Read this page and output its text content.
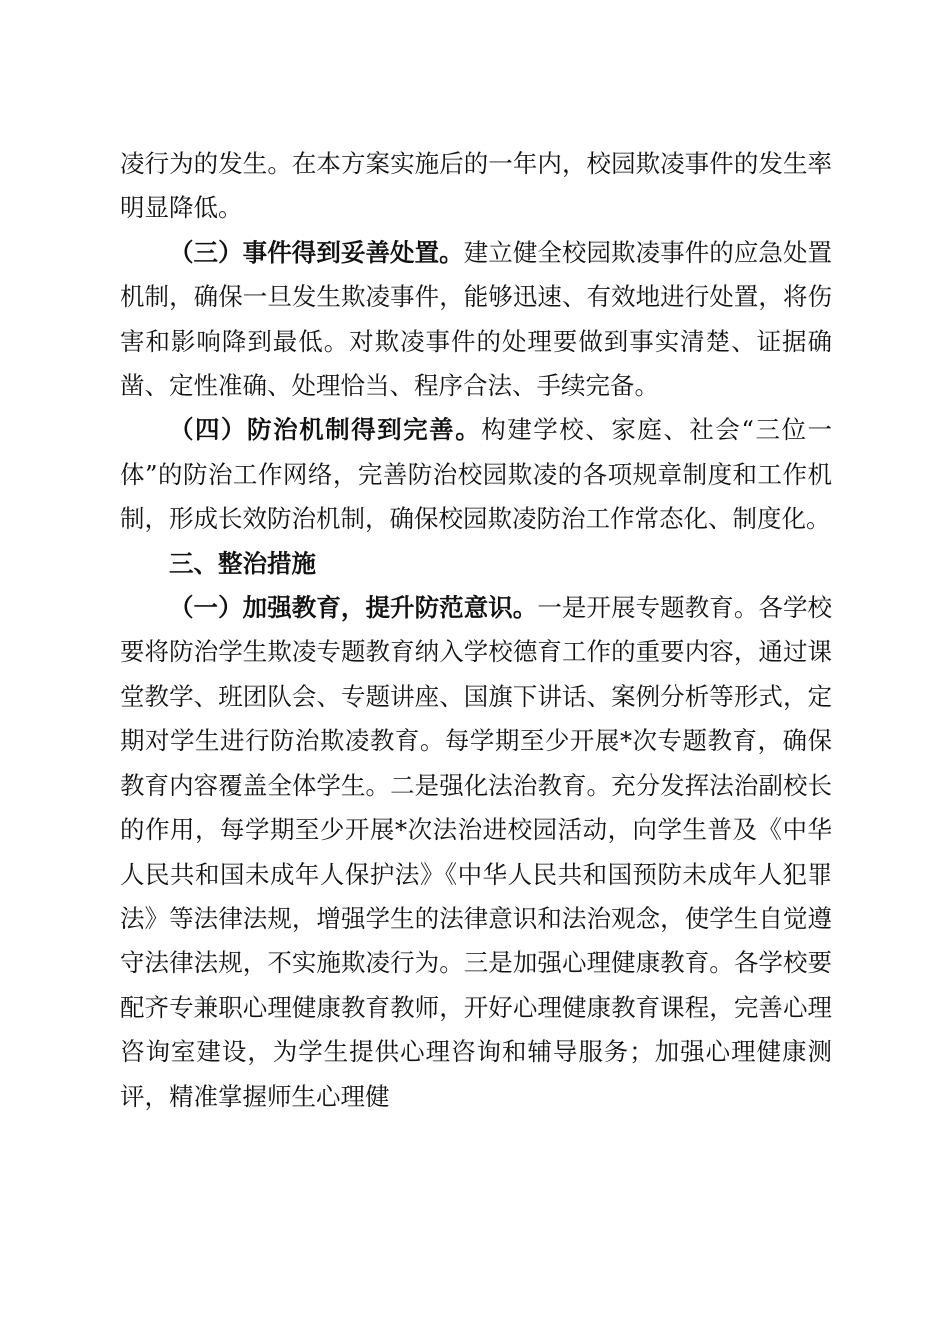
凌行为的发生。在本方案实施后的一年内，校园欺凌事件的发生率明显降低。

（三）事件得到妥善处置。建立健全校园欺凌事件的应急处置机制，确保一旦发生欺凌事件，能够迅速、有效地进行处置，将伤害和影响降到最低。对欺凌事件的处理要做到事实清楚、证据确凿、定性准确、处理恰当、程序合法、手续完备。

（四）防治机制得到完善。构建学校、家庭、社会“三位一体”的防治工作网络，完善防治校园欺凌的各项规章制度和工作机制，形成长效防治机制，确保校园欺凌防治工作常态化、制度化。

三、整治措施

（一）加强教育，提升防范意识。一是开展专题教育。各学校要将防治学生欺凌专题教育纳入学校德育工作的重要内容，通过课堂教学、班团队会、专题讲座、国旗下讲话、案例分析等形式，定期对学生进行防治欺凌教育。每学期至少开展*次专题教育，确保教育内容覆盖全体学生。二是强化法治教育。充分发挥法治副校长的作用，每学期至少开展*次法治进校园活动，向学生普及《中华人民共和国未成年人保护法》《中华人民共和国预防未成年人犯罪法》等法律法规，增强学生的法律意识和法治观念，使学生自觉遵守法律法规，不实施欺凌行为。三是加强心理健康教育。各学校要配齐专兼职心理健康教育教师，开好心理健康教育课程，完善心理咨询室建设，为学生提供心理咨询和辅导服务；加强心理健康测评，精准掌握师生心理健
